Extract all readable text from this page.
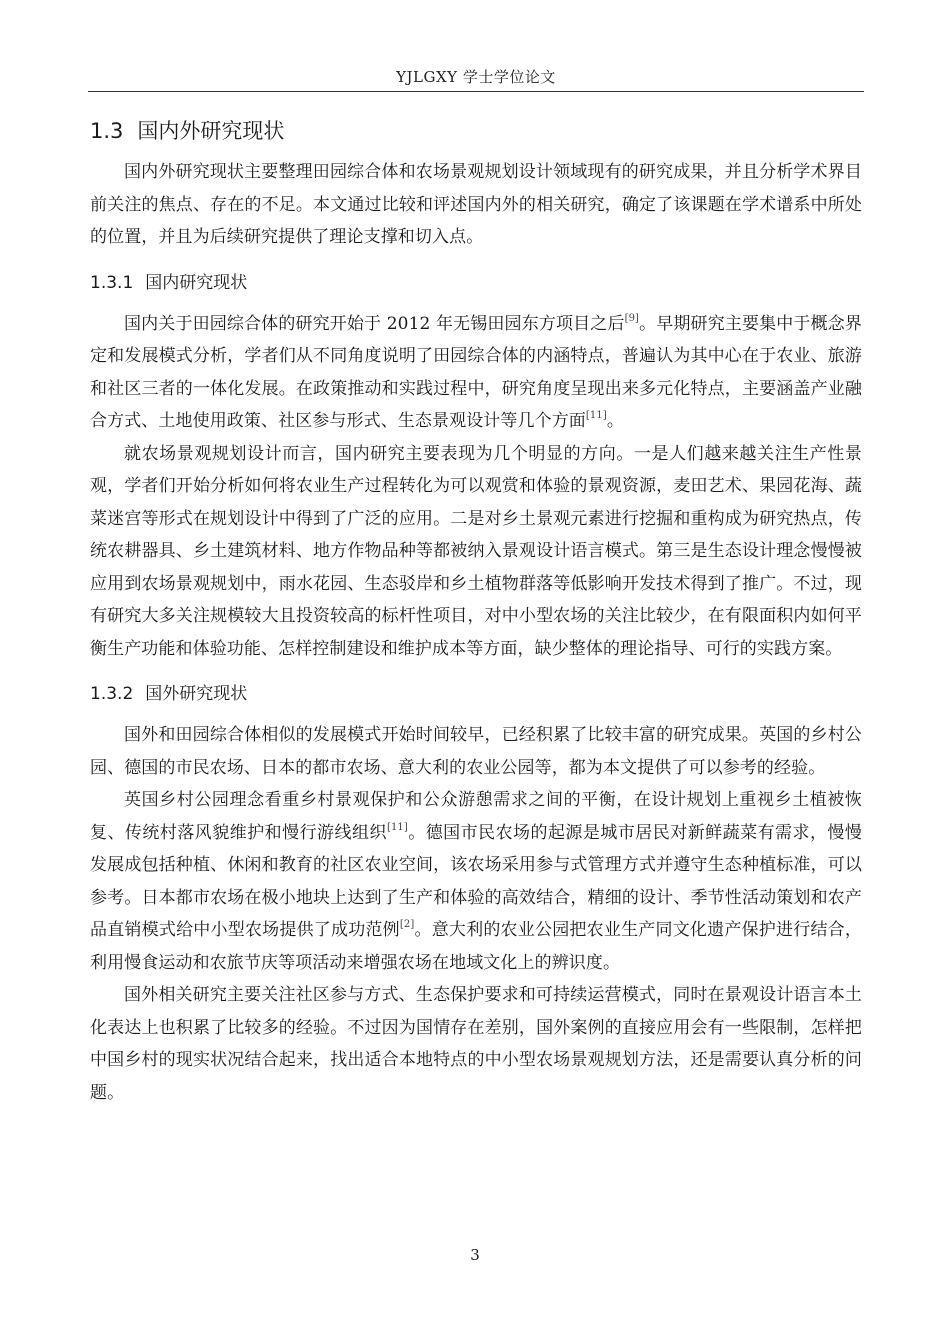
YJLGXY 学士学位论文
1.3 国内外研究现状

国内外研究现状主要整理田园综合体和农场景观规划设计领域现有的研究成果，并且分析学术界目前关注的焦点、存在的不足。本文通过比较和评述国内外的相关研究，确定了该课题在学术谱系中所处的位置，并且为后续研究提供了理论支撑和切入点。

1.3.1 国内研究现状

国内关于田园综合体的研究开始于 2012 年无锡田园东方项目之后[9]。早期研究主要集中于概念界定和发展模式分析，学者们从不同角度说明了田园综合体的内涵特点，普遍认为其中心在于农业、旅游和社区三者的一体化发展。在政策推动和实践过程中，研究角度呈现出来多元化特点，主要涵盖产业融合方式、土地使用政策、社区参与形式、生态景观设计等几个方面[11]。

就农场景观规划设计而言，国内研究主要表现为几个明显的方向。一是人们越来越关注生产性景观，学者们开始分析如何将农业生产过程转化为可以观赏和体验的景观资源，麦田艺术、果园花海、蔬菜迷宫等形式在规划设计中得到了广泛的应用。二是对乡土景观元素进行挖掘和重构成为研究热点，传统农耕器具、乡土建筑材料、地方作物品种等都被纳入景观设计语言模式。第三是生态设计理念慢慢被应用到农场景观规划中，雨水花园、生态驳岸和乡土植物群落等低影响开发技术得到了推广。不过，现有研究大多关注规模较大且投资较高的标杆性项目，对中小型农场的关注比较少，在有限面积内如何平衡生产功能和体验功能、怎样控制建设和维护成本等方面，缺少整体的理论指导、可行的实践方案。

1.3.2 国外研究现状

国外和田园综合体相似的发展模式开始时间较早，已经积累了比较丰富的研究成果。英国的乡村公园、德国的市民农场、日本的都市农场、意大利的农业公园等，都为本文提供了可以参考的经验。

英国乡村公园理念看重乡村景观保护和公众游憩需求之间的平衡，在设计规划上重视乡土植被恢复、传统村落风貌维护和慢行游线组织[11]。德国市民农场的起源是城市居民对新鲜蔬菜有需求，慢慢发展成包括种植、休闲和教育的社区农业空间，该农场采用参与式管理方式并遵守生态种植标准，可以参考。日本都市农场在极小地块上达到了生产和体验的高效结合，精细的设计、季节性活动策划和农产品直销模式给中小型农场提供了成功范例[2]。意大利的农业公园把农业生产同文化遗产保护进行结合，利用慢食运动和农旅节庆等项活动来增强农场在地域文化上的辨识度。

国外相关研究主要关注社区参与方式、生态保护要求和可持续运营模式，同时在景观设计语言本土化表达上也积累了比较多的经验。不过因为国情存在差别，国外案例的直接应用会有一些限制，怎样把中国乡村的现实状况结合起来，找出适合本地特点的中小型农场景观规划方法，还是需要认真分析的问题。

3
